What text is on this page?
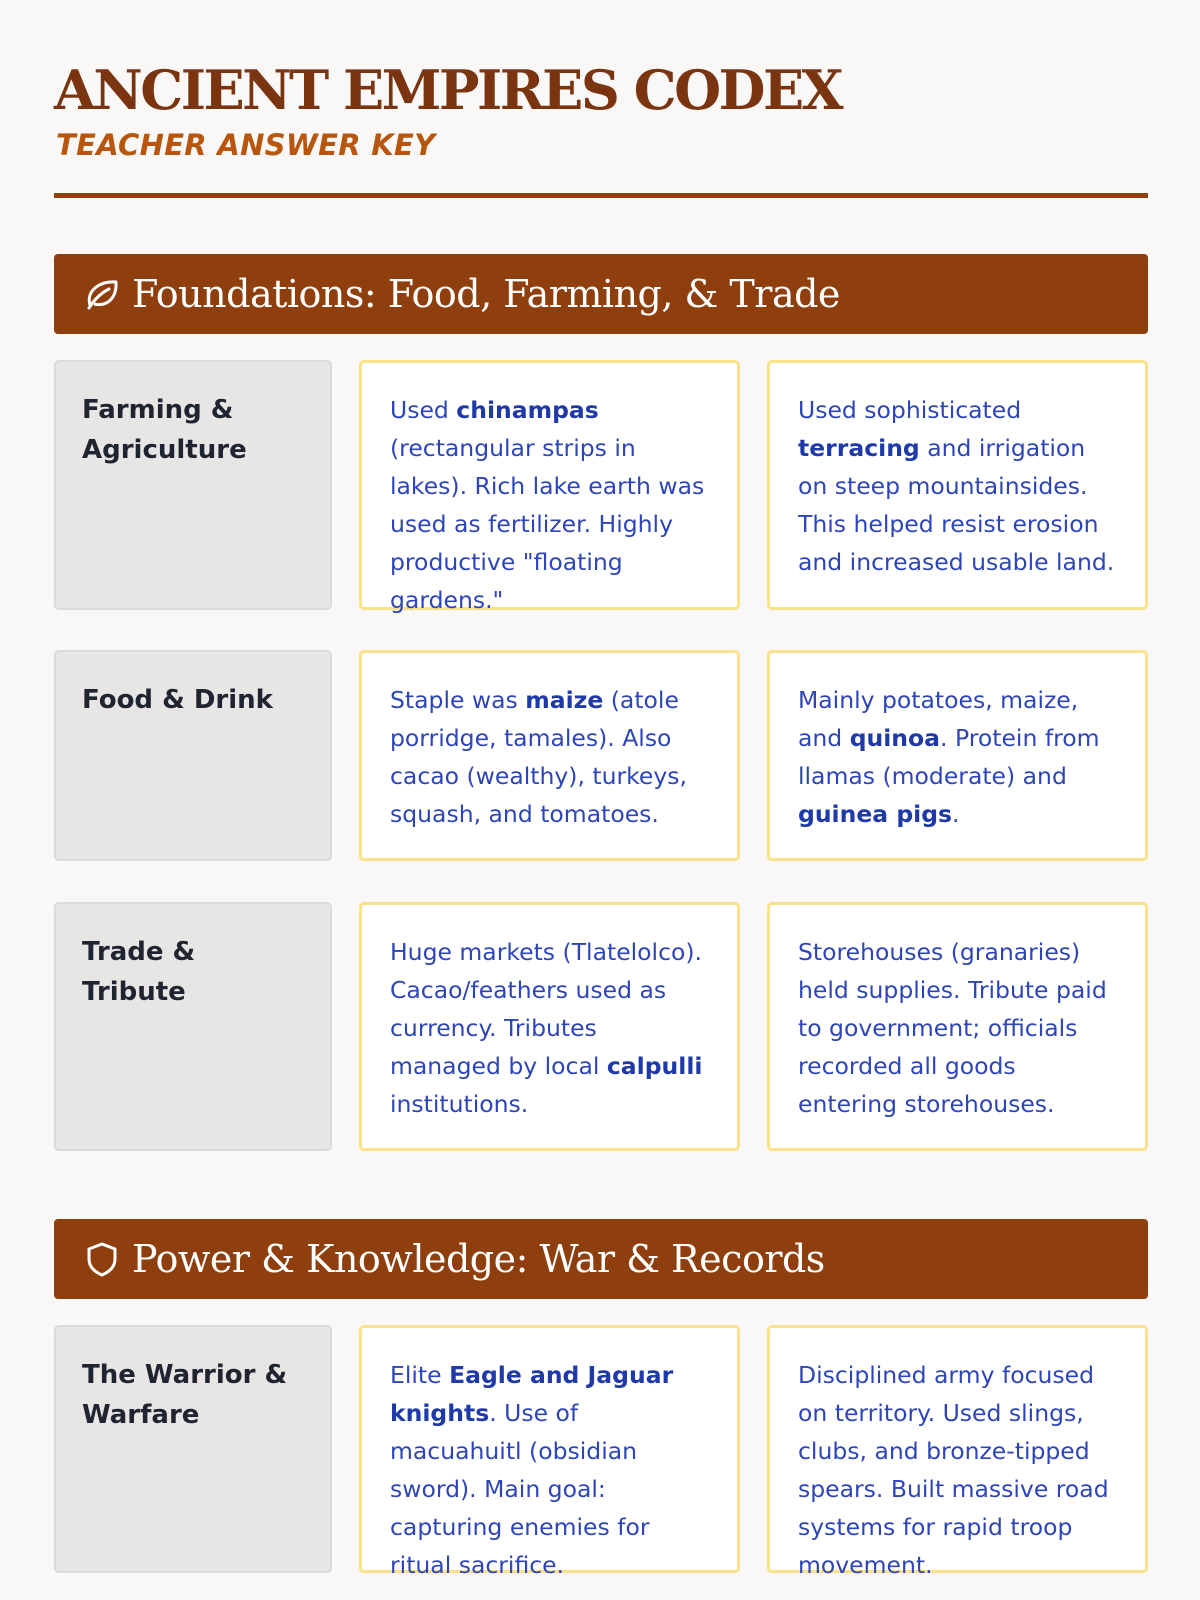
ANCIENT EMPIRES CODEX
TEACHER ANSWER KEY
Foundations: Food, Farming, & Trade
Farming & Agriculture
Used chinampas (rectangular strips in lakes). Rich lake earth was used as fertilizer. Highly productive "floating gardens."
Used sophisticated terracing and irrigation on steep mountainsides. This helped resist erosion and increased usable land.
Food & Drink	Staple was maize (atole porridge, tamales). Also cacao (wealthy), turkeys, squash, and tomatoes.
Mainly potatoes, maize, and quinoa. Protein from llamas (moderate) and guinea pigs.
Trade & Tribute
Huge markets (Tlatelolco). Cacao/feathers used as currency. Tributes managed by local calpulli institutions.
Storehouses (granaries) held supplies. Tribute paid to government; officials recorded all goods entering storehouses.
Power & Knowledge: War & Records
The Warrior & Warfare
Elite Eagle and Jaguar knights. Use of macuahuitl (obsidian sword). Main goal: capturing enemies for ritual sacrifice.
Disciplined army focused on territory. Used slings, clubs, and bronze-tipped spears. Built massive road systems for rapid troop movement.
